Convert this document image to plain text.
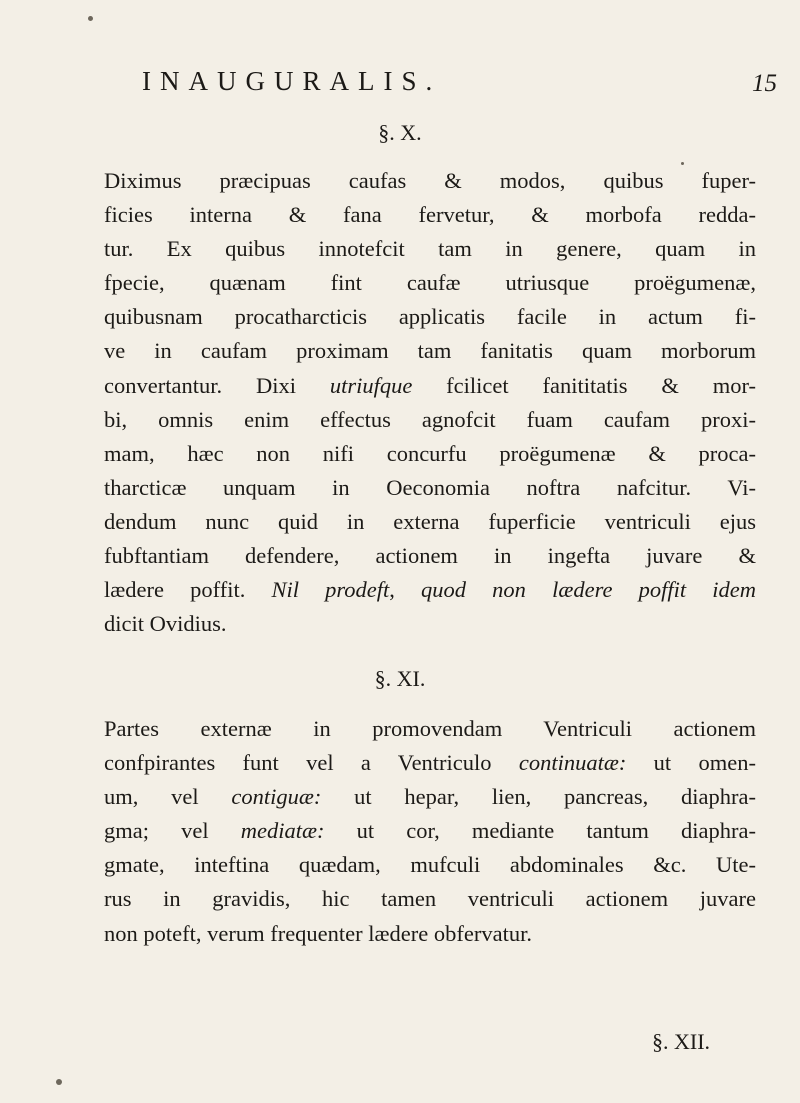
INAUGURALIS.	15
§. X.
Diximus præcipuas caufas & modos, quibus fuper-
ficies interna & fana fervetur, & morbofa redda-
tur. Ex quibus innotefcit tam in genere, quam in
fpecie, quænam fint caufæ utriusque proëgumenæ,
quibusnam procatharcticis applicatis facile in actum fi-
ve in caufam proximam tam fanitatis quam morborum
convertantur. Dixi utriufque fcilicet fanititatis & mor-
bi, omnis enim effectus agnofcit fuam caufam proxi-
mam, hæc non nifi concurfu proëgumenæ & proca-
tharcticæ unquam in Oeconomia noftra nafcitur. Vi-
dendum nunc quid in externa fuperficie ventriculi ejus
fubftantiam defendere, actionem in ingefta juvare &
lædere poffit. Nil prodeft, quod non lædere poffit idem
dicit Ovidius.
§. XI.
Partes externæ in promovendam Ventriculi actionem
confpirantes funt vel a Ventriculo continuatæ: ut omen-
um, vel contiguæ: ut hepar, lien, pancreas, diaphra-
gma; vel mediatæ: ut cor, mediante tantum diaphra-
gmate, inteftina quædam, mufculi abdominales &c. Ute-
rus in gravidis, hic tamen ventriculi actionem juvare
non poteft, verum frequenter lædere obfervatur.
§. XII.
